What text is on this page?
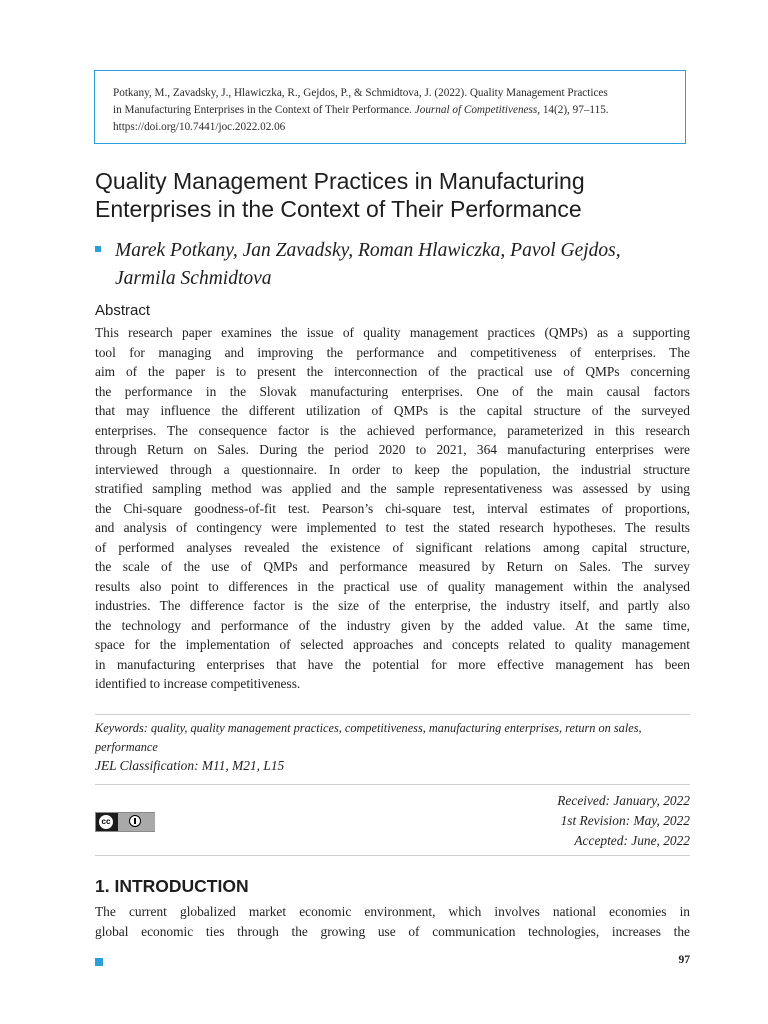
Potkany, M., Zavadsky, J., Hlawiczka, R., Gejdos, P., & Schmidtova, J. (2022). Quality Management Practices
in Manufacturing Enterprises in the Context of Their Performance. Journal of Competitiveness, 14(2), 97–115.
https://doi.org/10.7441/joc.2022.02.06
Quality Management Practices in Manufacturing
Enterprises in the Context of Their Performance
Marek Potkany, Jan Zavadsky, Roman Hlawiczka, Pavol Gejdos,
Jarmila Schmidtova
Abstract
This research paper examines the issue of quality management practices (QMPs) as a supporting
tool for managing and improving the performance and competitiveness of enterprises. The
aim of the paper is to present the interconnection of the practical use of QMPs concerning
the performance in the Slovak manufacturing enterprises. One of the main causal factors
that may influence the different utilization of QMPs is the capital structure of the surveyed
enterprises. The consequence factor is the achieved performance, parameterized in this research
through Return on Sales. During the period 2020 to 2021, 364 manufacturing enterprises were
interviewed through a questionnaire. In order to keep the population, the industrial structure
stratified sampling method was applied and the sample representativeness was assessed by using
the Chi-square goodness-of-fit test. Pearson’s chi-square test, interval estimates of proportions,
and analysis of contingency were implemented to test the stated research hypotheses. The results
of performed analyses revealed the existence of significant relations among capital structure,
the scale of the use of QMPs and performance measured by Return on Sales. The survey
results also point to differences in the practical use of quality management within the analysed
industries. The difference factor is the size of the enterprise, the industry itself, and partly also
the technology and performance of the industry given by the added value. At the same time,
space for the implementation of selected approaches and concepts related to quality management
in manufacturing enterprises that have the potential for more effective management has been
identified to increase competitiveness.
Keywords: quality, quality management practices, competitiveness, manufacturing enterprises, return on sales,
performance
JEL Classification: M11, M21, L15
cc
Received: January, 2022
1st Revision: May, 2022
Accepted: June, 2022
1. INTRODUCTION
The current globalized market economic environment, which involves national economies in
global economic ties through the growing use of communication technologies, increases the
97
